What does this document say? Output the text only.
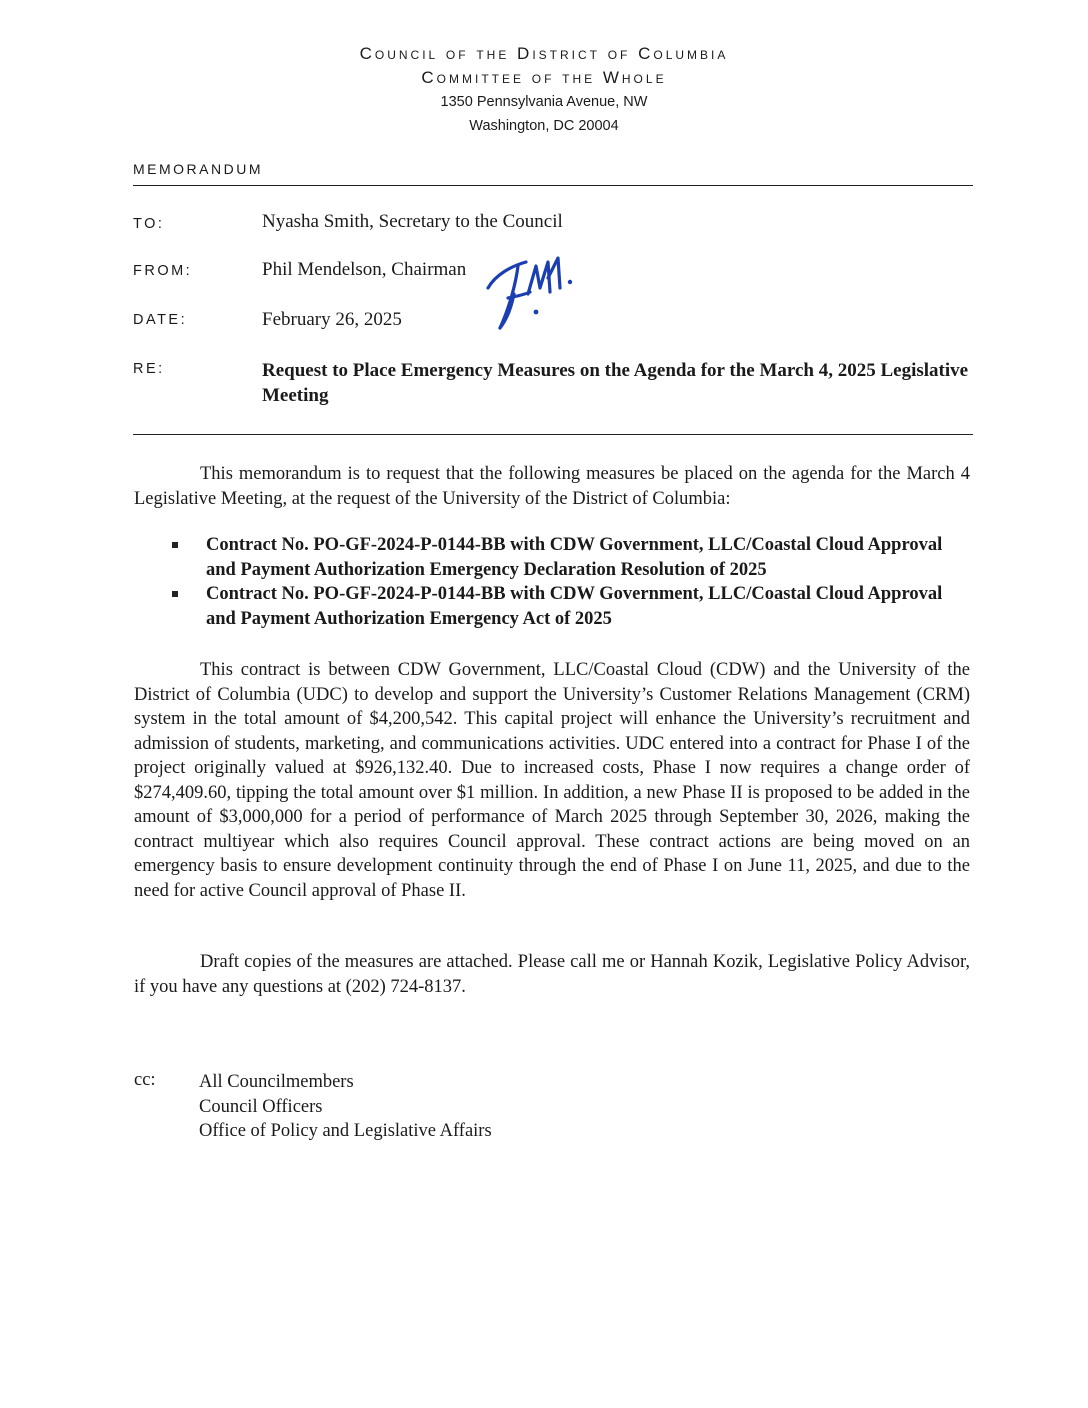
Council of the District of Columbia
Committee of the Whole
1350 Pennsylvania Avenue, NW
Washington, DC 20004
MEMORANDUM
TO:	Nyasha Smith, Secretary to the Council
FROM:	Phil Mendelson, Chairman
DATE:	February 26, 2025
RE:	Request to Place Emergency Measures on the Agenda for the March 4, 2025 Legislative Meeting

This memorandum is to request that the following measures be placed on the agenda for the March 4 Legislative Meeting, at the request of the University of the District of Columbia:

Contract No. PO-GF-2024-P-0144-BB with CDW Government, LLC/Coastal Cloud Approval and Payment Authorization Emergency Declaration Resolution of 2025
Contract No. PO-GF-2024-P-0144-BB with CDW Government, LLC/Coastal Cloud Approval and Payment Authorization Emergency Act of 2025

This contract is between CDW Government, LLC/Coastal Cloud (CDW) and the University of the District of Columbia (UDC) to develop and support the University’s Customer Relations Management (CRM) system in the total amount of $4,200,542. This capital project will enhance the University’s recruitment and admission of students, marketing, and communications activities. UDC entered into a contract for Phase I of the project originally valued at $926,132.40. Due to increased costs, Phase I now requires a change order of $274,409.60, tipping the total amount over $1 million. In addition, a new Phase II is proposed to be added in the amount of $3,000,000 for a period of performance of March 2025 through September 30, 2026, making the contract multiyear which also requires Council approval. These contract actions are being moved on an emergency basis to ensure development continuity through the end of Phase I on June 11, 2025, and due to the need for active Council approval of Phase II.

Draft copies of the measures are attached. Please call me or Hannah Kozik, Legislative Policy Advisor, if you have any questions at (202) 724-8137.

cc: All Councilmembers
Council Officers
Office of Policy and Legislative Affairs
